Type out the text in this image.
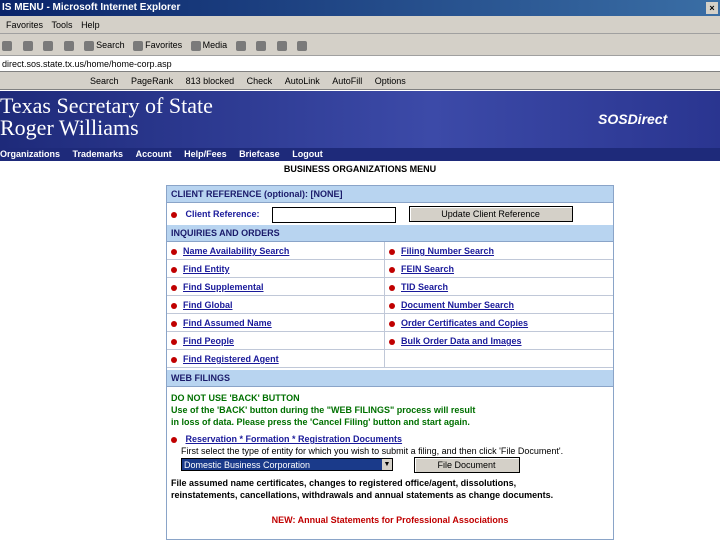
IS MENU - Microsoft Internet Explorer	×
Favorites Tools Help
Search Favorites Media
direct.sos.state.tx.us/home/home-corp.asp
Search PageRank 813 blocked Check AutoLink AutoFill Options
Texas Secretary of State
Roger Williams	SOSDirect
Organizations Trademarks Account Help/Fees Briefcase Logout
BUSINESS ORGANIZATIONS MENU
CLIENT REFERENCE (optional): [NONE]
Client Reference:	Update Client Reference
INQUIRIES AND ORDERS
Name Availability Search	Filing Number Search
Find Entity	FEIN Search
Find Supplemental	TID Search
Find Global	Document Number Search
Find Assumed Name	Order Certificates and Copies
Find People	Bulk Order Data and Images
Find Registered Agent
WEB FILINGS
DO NOT USE 'BACK' BUTTON
Use of the 'BACK' button during the "WEB FILINGS" process will result
in loss of data. Please press the 'Cancel Filing' button and start again.
Reservation * Formation * Registration Documents
First select the type of entity for which you wish to submit a filing, and then click 'File Document'.
Domestic Business Corporation	▼	File Document
File assumed name certificates, changes to registered office/agent, dissolutions,
reinstatements, cancellations, withdrawals and annual statements as change documents.
NEW: Annual Statements for Professional Associations
